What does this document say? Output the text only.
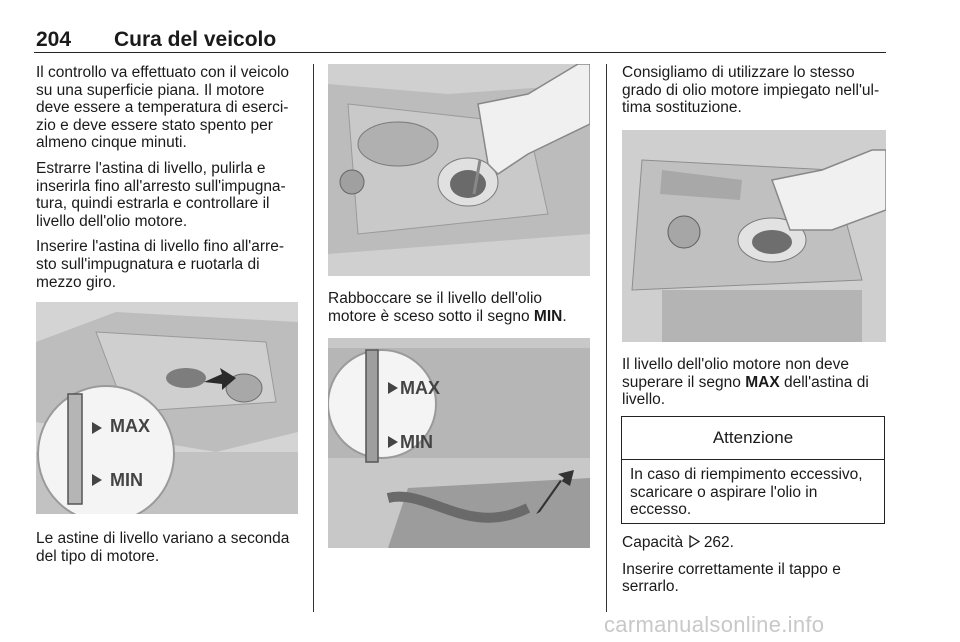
204 Cura del veicolo

Il controllo va effettuato con il veicolo su una superficie piana. Il motore deve essere a temperatura di eserci-zio e deve essere stato spento per almeno cinque minuti.

Estrarre l'astina di livello, pulirla e inserirla fino all'arresto sull'impugna-tura, quindi estrarla e controllare il livello dell'olio motore.

Inserire l'astina di livello fino all'arre-sto sull'impugnatura e ruotarla di mezzo giro.

MAX
MIN

Le astine di livello variano a seconda del tipo di motore.

Rabboccare se il livello dell'olio motore è sceso sotto il segno MIN.

MAX
MIN

Consigliamo di utilizzare lo stesso grado di olio motore impiegato nell'ul-tima sostituzione.

Il livello dell'olio motore non deve superare il segno MAX dell'astina di livello.

Attenzione
In caso di riempimento eccessivo, scaricare o aspirare l'olio in eccesso.

Capacità 262.

Inserire correttamente il tappo e serrarlo.

carmanualsonline.info
